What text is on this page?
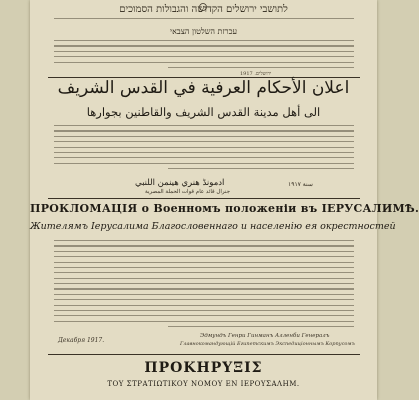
לתושבי ירושלים הקדושה והגבולות הסמוכים
עכרזת השלטון הצבאי
ירושלים. 1917
اعلان الأحكام العرفية في القدس الشريف
الى أهل مدينة القدس الشريف والقاطنين بجوارها
ادمونڈ هنري هينمن اللنبي
جنرال قائد عام قوات الحملة المصرية
سنة ١٩١٧
ПРОКЛОМАЦІЯ о Военномъ положеніи въ ІЕРУСАЛИМѢ.
Жителямъ Іерусалима Благословеннаго и населенію ея окрестностей
Декабря 1917.
Эдмундъ Генри Гинманъ Алленби Генералъ
Главнокомандующій Египетскимъ Экспедиціоннымъ Корпусомъ
ΠΡΟΚΗΡΥΞΙΣ
ΤΟΥ ΣΤΡΑΤΙΩΤΙΚΟΥ ΝΟΜΟΥ ΕΝ ΙΕΡΟΥΣΑΛΗΜ.
